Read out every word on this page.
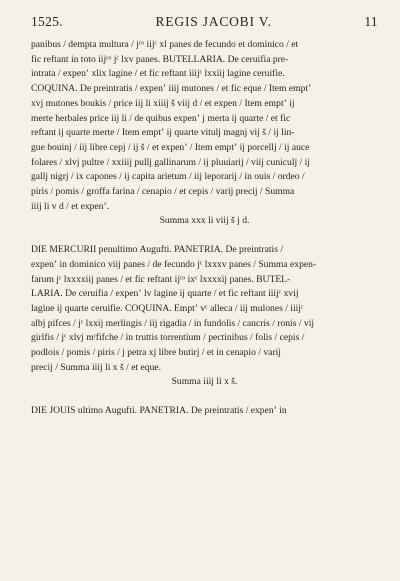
1525.	REGIS JACOBI V.	11
panibus / dempta multura / jᶜᵒ iijᶜ xl panes de fecundo et dominico / et
fic reftant in toto iijᶜᵒ jᶜ lxv panes. BUTELLARIA. De ceruifia pre-
intrata / expenʼ xlix lagine / et fic reftant iiijᶜ lxxiij lagine ceruifie.
COQUINA. De preintratis / expenʼ iiij mutones / et fic eque / Item emptʼ
xvj mutones boukis / price iij li xiiij š viij d / et expen / Item emptʼ ij
merte herbales price iij li / de quibus expenʼ j merta ij quarte / et fic
reftant ij quarte merte / Item emptʼ ij quarte vitulj magnj vij š / ij lin-
gue bouinj / iij libre cepj / ij š / et expenʼ / Item emptʼ ij porcellj / ij auce
folares / xlvj pultre / xxiiij pullj gallinarum / ij pluuiarij / viij cuniculj / ij
gallj nigrj / ix capones / ij capita arietum / iij leporarij / in ouis / ordeo /
piris / pomis / groffa farina / cenapio / et cepis / varij precij / Summa
iiij li v d / et expenʼ.

Summa xxx li viij š j d.

DIE MERCURII penultimo Augufti. PANETRIA. De preintratis /
expenʼ in dominico viij panes / de fecundo jᶜ lxxxv panes / Summa expen-
farum jᶜ lxxxxiij panes / et fic reftant ijᶜᵒ ixᶜ lxxxxij panes. BUTEL-
LARIA. De ceruifia / expenʼ lv lagine ij quarte / et fic reftant iiijᶜ xvij
lagine ij quarte ceruifie. COQUINA. Emptʼ vᶜ alleca / iij mulones / iiijᶜ
albj pifces / jᶜ lxxij merlingis / iij rigadia / in fundolis / cancris / ronis / vij
girlfis / jᶜ xlvj mʳfifche / in truttis torrentium / pectinibus / folis / cepis /
podlois / pomis / piris / j petra xj libre butirj / et in cenapio / varij
precij / Summa iiij li x š / et eque.

Summa iiij li x š.

DIE JOUIS ultimo Augufti. PANETRIA. De preintratis / expenʼ in
